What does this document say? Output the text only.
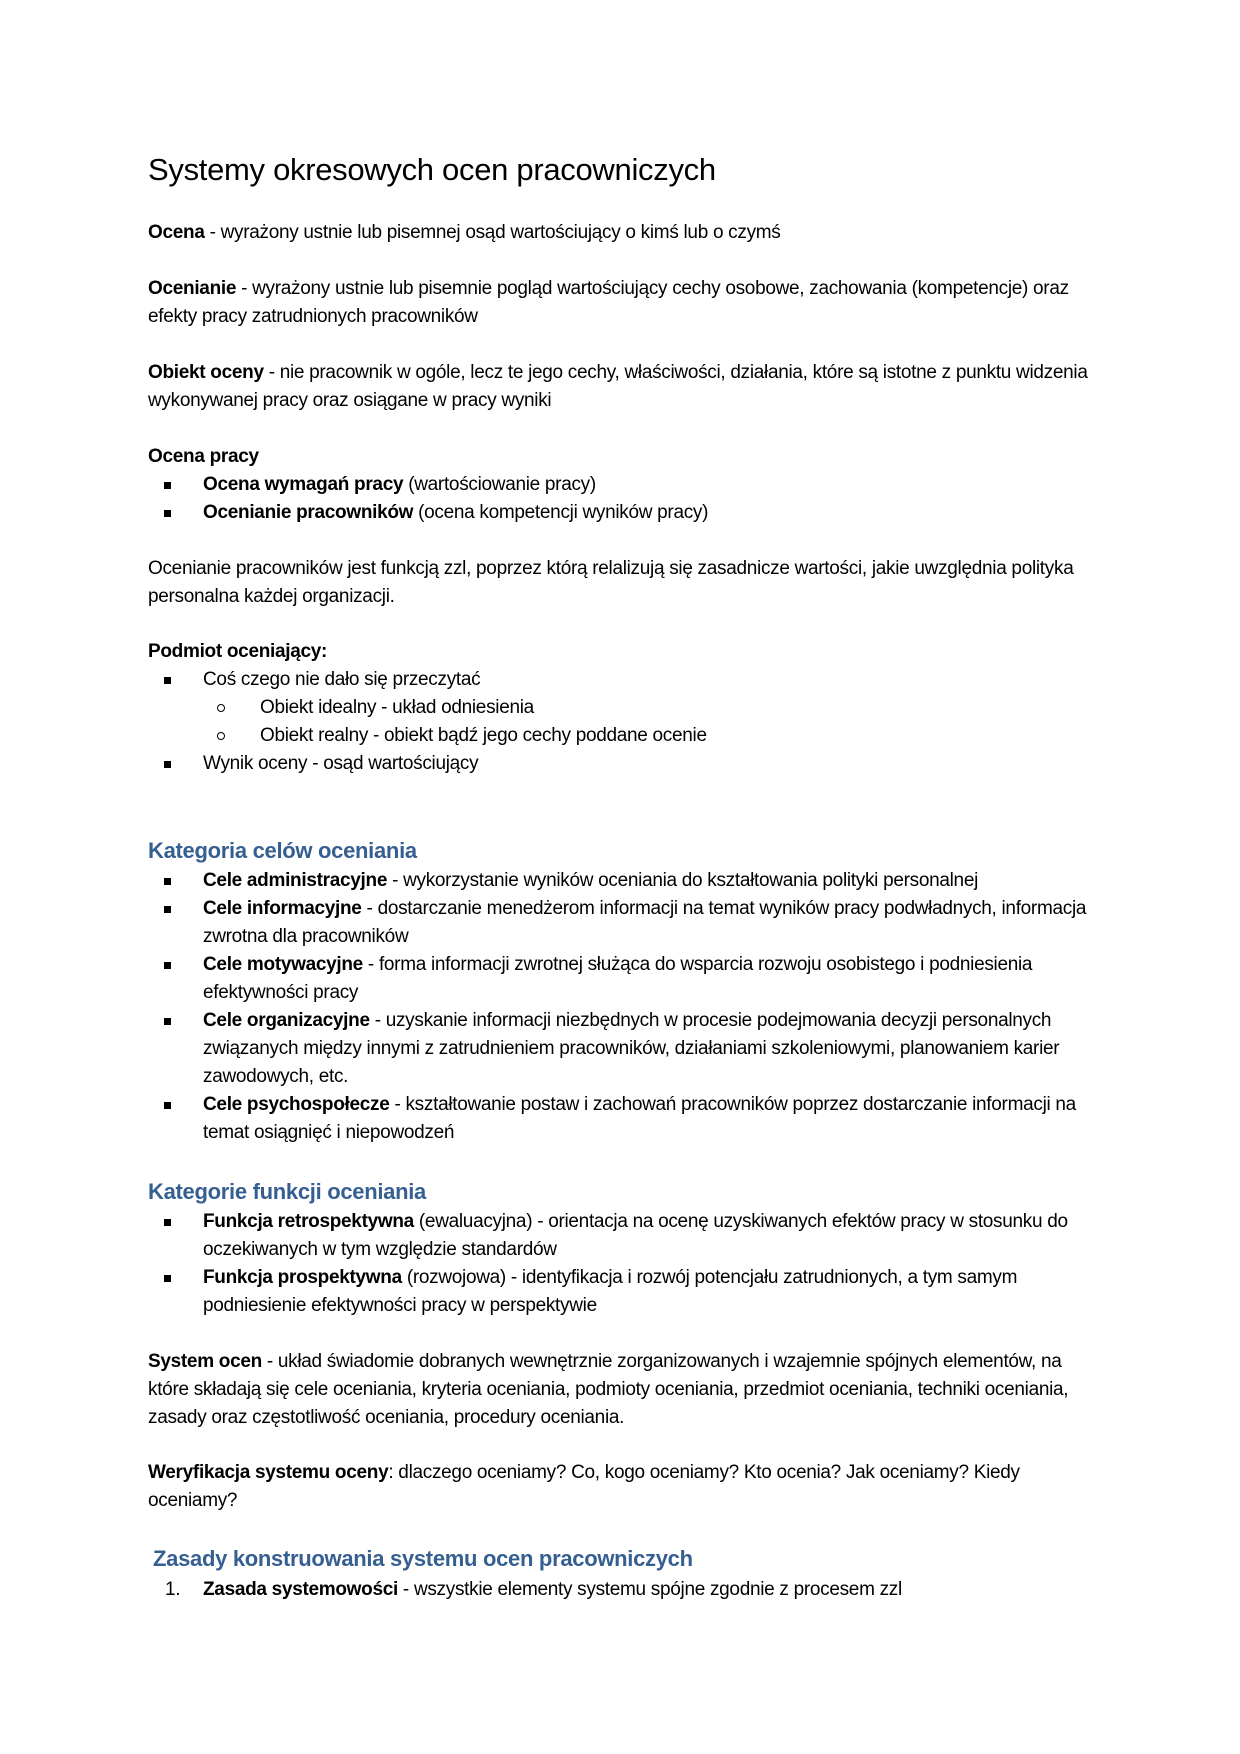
Systemy okresowych ocen pracowniczych
Ocena - wyrażony ustnie lub pisemnej osąd wartościujący o kimś lub o czymś
Ocenianie - wyrażony ustnie lub pisemnie pogląd wartościujący cechy osobowe, zachowania (kompetencje) oraz efekty pracy zatrudnionych pracowników
Obiekt oceny - nie pracownik w ogóle, lecz te jego cechy, właściwości, działania, które są istotne z punktu widzenia wykonywanej pracy oraz osiągane w pracy wyniki
Ocena pracy
Ocena wymagań pracy (wartościowanie pracy)
Ocenianie pracowników (ocena kompetencji wyników pracy)
Ocenianie pracowników jest funkcją zzl, poprzez którą relalizują się zasadnicze wartości, jakie uwzględnia polityka personalna każdej organizacji.
Podmiot oceniający:
Coś czego nie dało się przeczytać
Obiekt idealny - układ odniesienia
Obiekt realny - obiekt bądź jego cechy poddane ocenie
Wynik oceny - osąd wartościujący
Kategoria celów oceniania
Cele administracyjne - wykorzystanie wyników oceniania do kształtowania polityki personalnej
Cele informacyjne - dostarczanie menedżerom informacji na temat wyników pracy podwładnych, informacja zwrotna dla pracowników
Cele motywacyjne - forma informacji zwrotnej służąca do wsparcia rozwoju osobistego i podniesienia efektywności pracy
Cele organizacyjne - uzyskanie informacji niezbędnych w procesie podejmowania decyzji personalnych związanych między innymi z zatrudnieniem pracowników, działaniami szkoleniowymi, planowaniem karier zawodowych, etc.
Cele psychospołecze - kształtowanie postaw i zachowań pracowników poprzez dostarczanie informacji na temat osiągnięć i niepowodzeń
Kategorie funkcji oceniania
Funkcja retrospektywna (ewaluacyjna) - orientacja na ocenę uzyskiwanych efektów pracy w stosunku do oczekiwanych w tym względzie standardów
Funkcja prospektywna (rozwojowa) - identyfikacja i rozwój potencjału zatrudnionych, a tym samym podniesienie efektywności pracy w perspektywie
System ocen - układ świadomie dobranych wewnętrznie zorganizowanych i wzajemnie spójnych elementów, na które składają się cele oceniania, kryteria oceniania, podmioty oceniania, przedmiot oceniania, techniki oceniania, zasady oraz częstotliwość oceniania, procedury oceniania.
Weryfikacja systemu oceny: dlaczego oceniamy? Co, kogo oceniamy? Kto ocenia? Jak oceniamy? Kiedy oceniamy?
Zasady konstruowania systemu ocen pracowniczych
1. Zasada systemowości - wszystkie elementy systemu spójne zgodnie z procesem zzl
